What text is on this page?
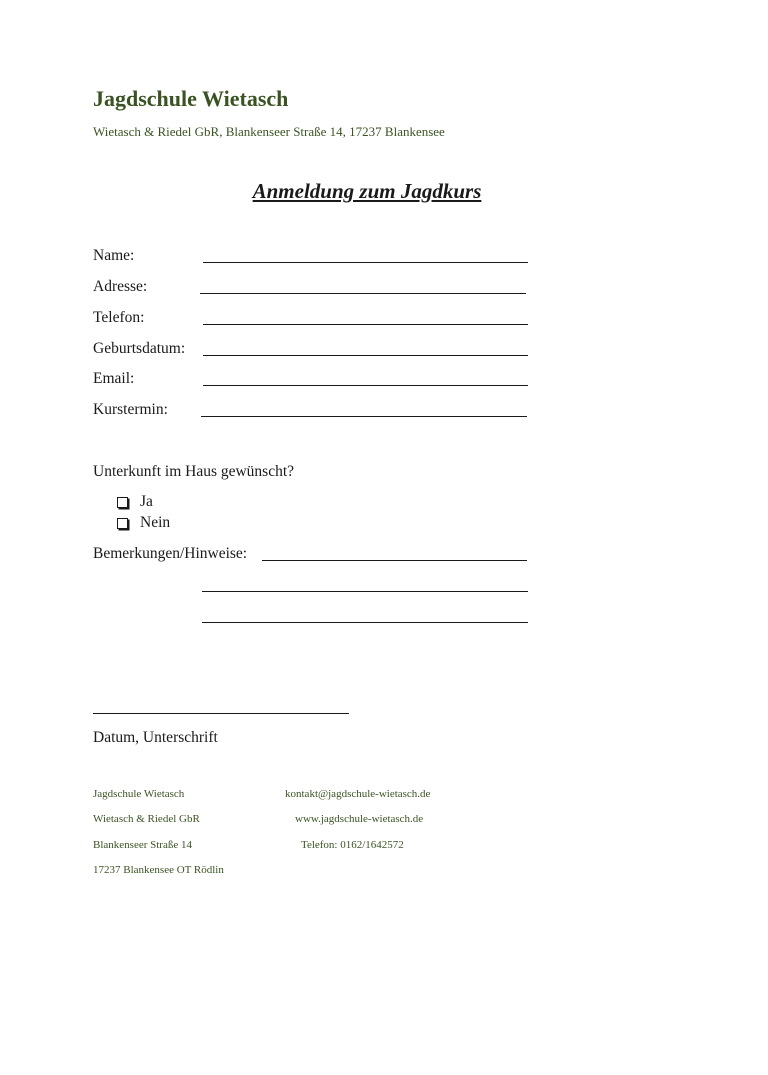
Jagdschule Wietasch
Wietasch & Riedel GbR, Blankenseer Straße 14, 17237 Blankensee
Anmeldung zum Jagdkurs
Name:
Adresse:
Telefon:
Geburtsdatum:
Email:
Kurstermin:
Unterkunft im Haus gewünscht?
Ja
Nein
Bemerkungen/Hinweise:
Datum, Unterschrift
Jagdschule Wietasch
Wietasch & Riedel GbR
Blankenseer Straße 14
17237 Blankensee OT Rödlin
kontakt@jagdschule-wietasch.de
www.jagdschule-wietasch.de
Telefon: 0162/1642572
